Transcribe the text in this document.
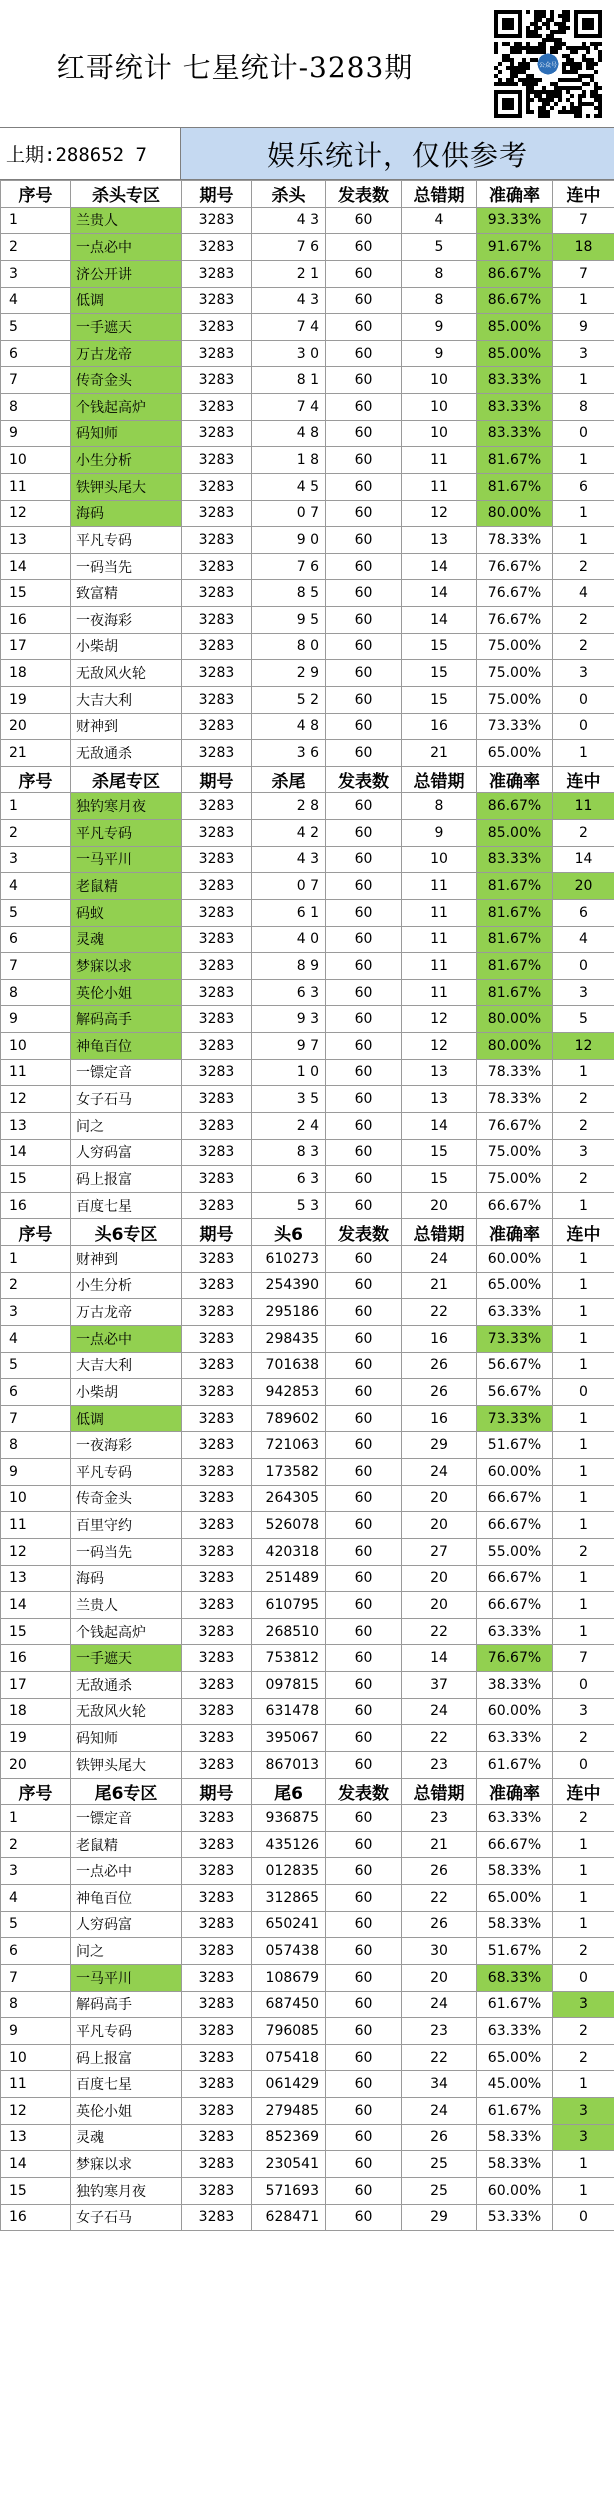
红哥统计 七星统计-3283期	公众号
上期:288652 7	娱乐统计，仅供参考
序号	杀头专区	期号	杀头	发表数	总错期	准确率	连中
1	兰贵人	3283	4 3	60	4	93.33%	7
2	一点必中	3283	7 6	60	5	91.67%	18
3	济公开讲	3283	2 1	60	8	86.67%	7
4	低调	3283	4 3	60	8	86.67%	1
5	一手遮天	3283	7 4	60	9	85.00%	9
6	万古龙帝	3283	3 0	60	9	85.00%	3
7	传奇金头	3283	8 1	60	10	83.33%	1
8	个钱起高炉	3283	7 4	60	10	83.33%	8
9	码知师	3283	4 8	60	10	83.33%	0
10	小生分析	3283	1 8	60	11	81.67%	1
11	铁钾头尾大	3283	4 5	60	11	81.67%	6
12	海码	3283	0 7	60	12	80.00%	1
13	平凡专码	3283	9 0	60	13	78.33%	1
14	一码当先	3283	7 6	60	14	76.67%	2
15	致富精	3283	8 5	60	14	76.67%	4
16	一夜海彩	3283	9 5	60	14	76.67%	2
17	小柴胡	3283	8 0	60	15	75.00%	2
18	无敌风火轮	3283	2 9	60	15	75.00%	3
19	大吉大利	3283	5 2	60	15	75.00%	0
20	财神到	3283	4 8	60	16	73.33%	0
21	无敌通杀	3283	3 6	60	21	65.00%	1
序号	杀尾专区	期号	杀尾	发表数	总错期	准确率	连中
1	独钓寒月夜	3283	2 8	60	8	86.67%	11
2	平凡专码	3283	4 2	60	9	85.00%	2
3	一马平川	3283	4 3	60	10	83.33%	14
4	老鼠精	3283	0 7	60	11	81.67%	20
5	码蚁	3283	6 1	60	11	81.67%	6
6	灵魂	3283	4 0	60	11	81.67%	4
7	梦寐以求	3283	8 9	60	11	81.67%	0
8	英伦小姐	3283	6 3	60	11	81.67%	3
9	解码高手	3283	9 3	60	12	80.00%	5
10	神龟百位	3283	9 7	60	12	80.00%	12
11	一镖定音	3283	1 0	60	13	78.33%	1
12	女子石马	3283	3 5	60	13	78.33%	2
13	问之	3283	2 4	60	14	76.67%	2
14	人穷码富	3283	8 3	60	15	75.00%	3
15	码上报富	3283	6 3	60	15	75.00%	2
16	百度七星	3283	5 3	60	20	66.67%	1
序号	头6专区	期号	头6	发表数	总错期	准确率	连中
1	财神到	3283	610273	60	24	60.00%	1
2	小生分析	3283	254390	60	21	65.00%	1
3	万古龙帝	3283	295186	60	22	63.33%	1
4	一点必中	3283	298435	60	16	73.33%	1
5	大吉大利	3283	701638	60	26	56.67%	1
6	小柴胡	3283	942853	60	26	56.67%	0
7	低调	3283	789602	60	16	73.33%	1
8	一夜海彩	3283	721063	60	29	51.67%	1
9	平凡专码	3283	173582	60	24	60.00%	1
10	传奇金头	3283	264305	60	20	66.67%	1
11	百里守约	3283	526078	60	20	66.67%	1
12	一码当先	3283	420318	60	27	55.00%	2
13	海码	3283	251489	60	20	66.67%	1
14	兰贵人	3283	610795	60	20	66.67%	1
15	个钱起高炉	3283	268510	60	22	63.33%	1
16	一手遮天	3283	753812	60	14	76.67%	7
17	无敌通杀	3283	097815	60	37	38.33%	0
18	无敌风火轮	3283	631478	60	24	60.00%	3
19	码知师	3283	395067	60	22	63.33%	2
20	铁钾头尾大	3283	867013	60	23	61.67%	0
序号	尾6专区	期号	尾6	发表数	总错期	准确率	连中
1	一镖定音	3283	936875	60	23	63.33%	2
2	老鼠精	3283	435126	60	21	66.67%	1
3	一点必中	3283	012835	60	26	58.33%	1
4	神龟百位	3283	312865	60	22	65.00%	1
5	人穷码富	3283	650241	60	26	58.33%	1
6	问之	3283	057438	60	30	51.67%	2
7	一马平川	3283	108679	60	20	68.33%	0
8	解码高手	3283	687450	60	24	61.67%	3
9	平凡专码	3283	796085	60	23	63.33%	2
10	码上报富	3283	075418	60	22	65.00%	2
11	百度七星	3283	061429	60	34	45.00%	1
12	英伦小姐	3283	279485	60	24	61.67%	3
13	灵魂	3283	852369	60	26	58.33%	3
14	梦寐以求	3283	230541	60	25	58.33%	1
15	独钓寒月夜	3283	571693	60	25	60.00%	1
16	女子石马	3283	628471	60	29	53.33%	0
